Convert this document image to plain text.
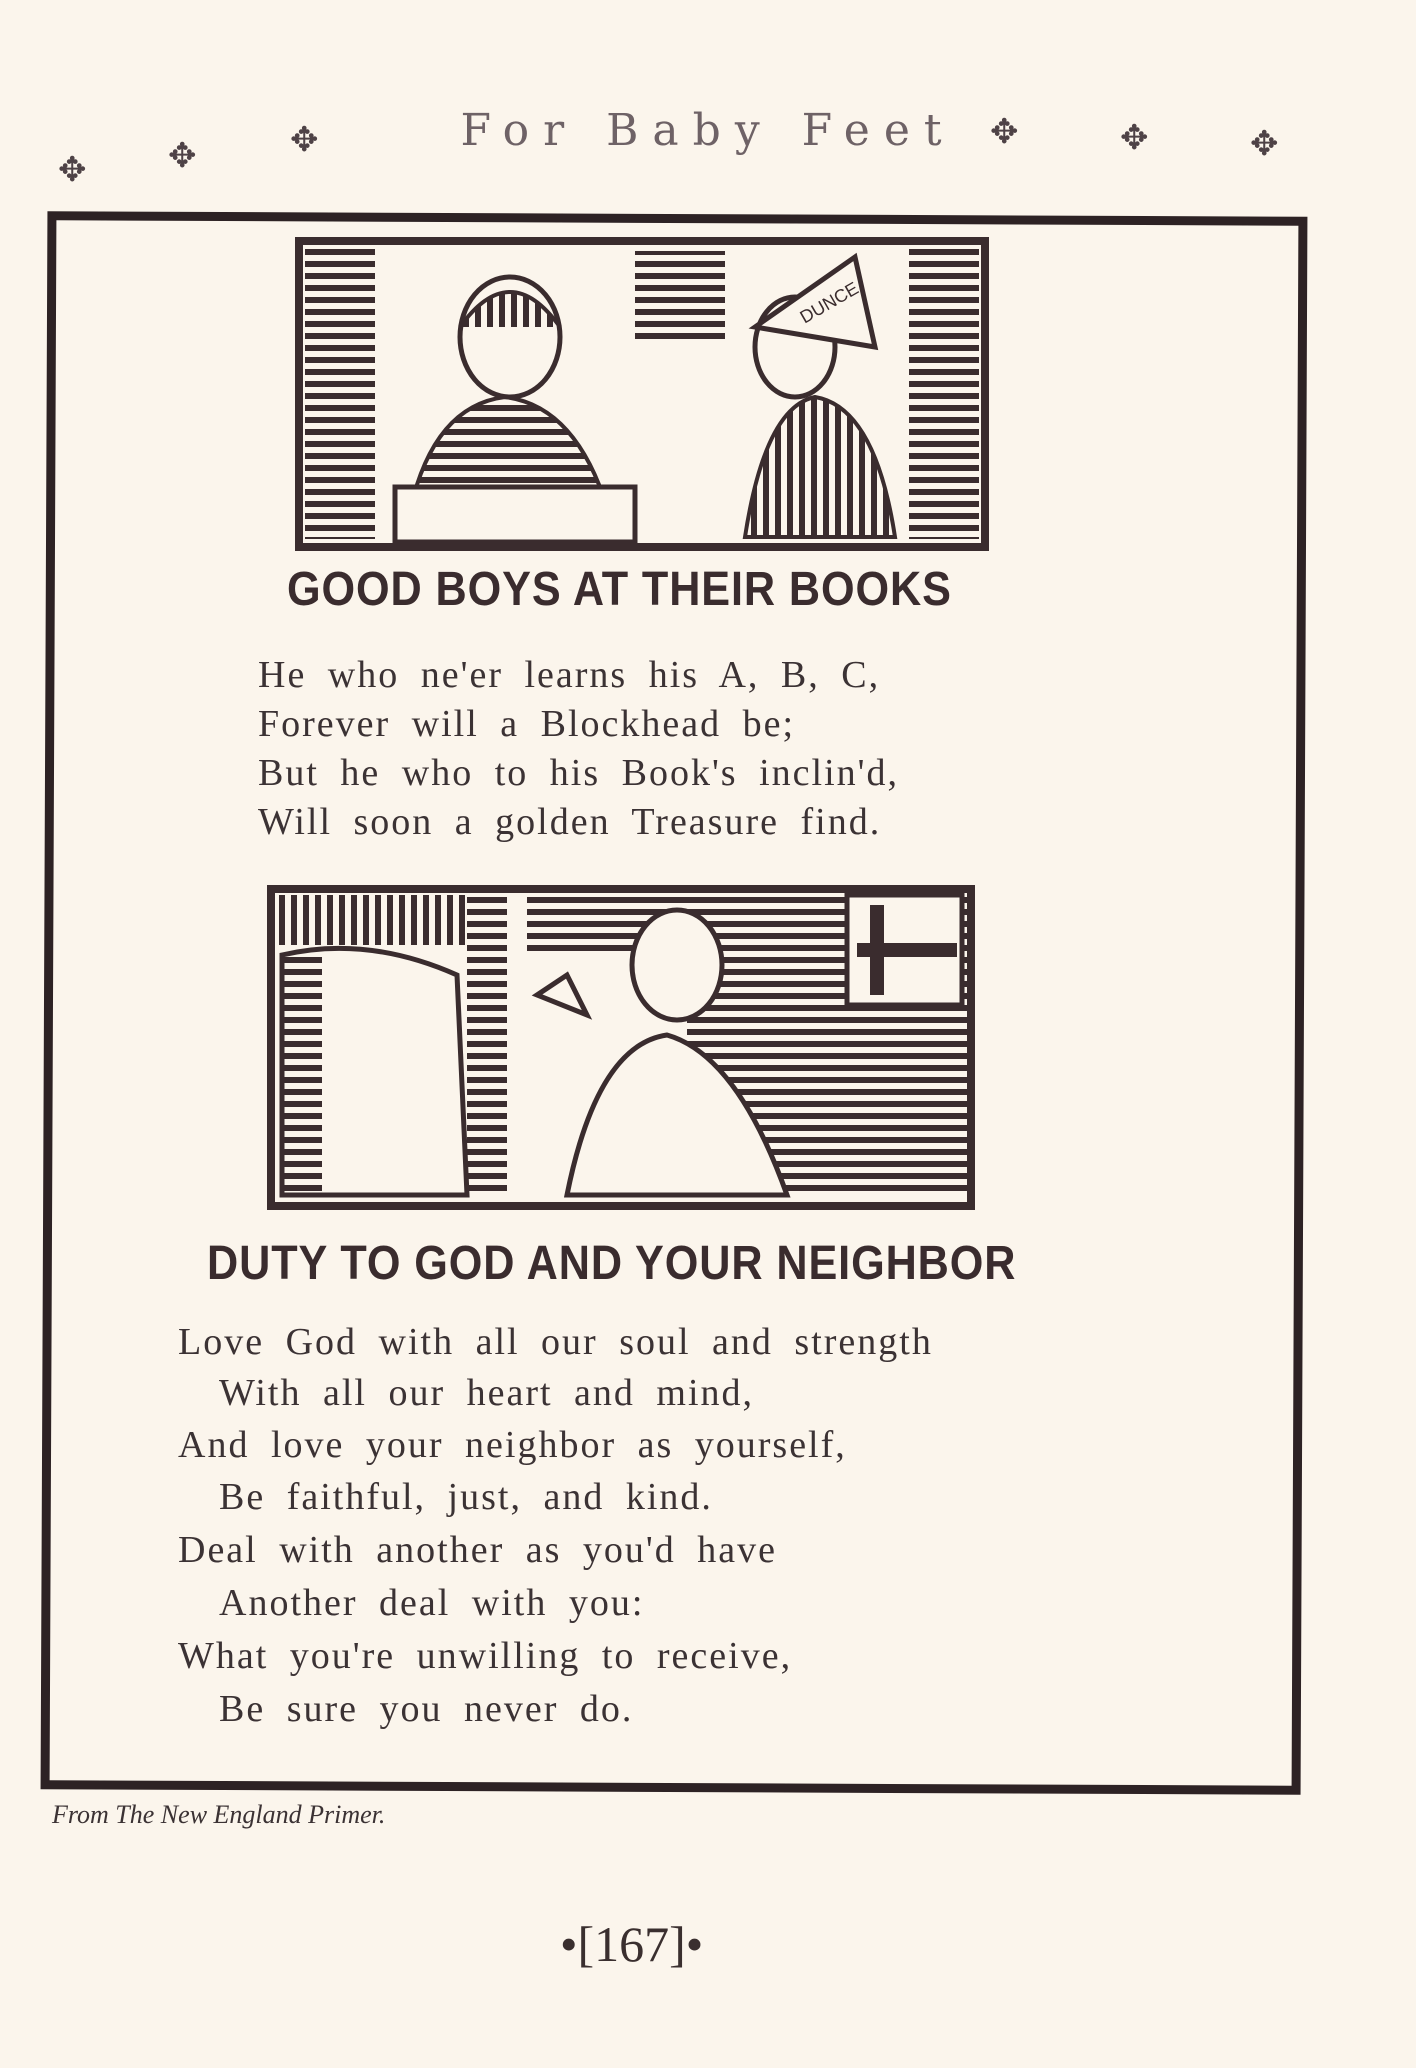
✥ ✥	✥	For Baby Feet	✥	✥	✥
DUNCE
GOOD BOYS AT THEIR BOOKS
He who ne'er learns his A, B, C,
Forever will a Blockhead be;
But he who to his Book's inclin'd,
Will soon a golden Treasure find.
DUTY TO GOD AND YOUR NEIGHBOR
Love God with all our soul and strength
With all our heart and mind,
And love your neighbor as yourself,
Be faithful, just, and kind.
Deal with another as you'd have
Another deal with you:
What you're unwilling to receive,
Be sure you never do.
From The New England Primer.
•[167]•
